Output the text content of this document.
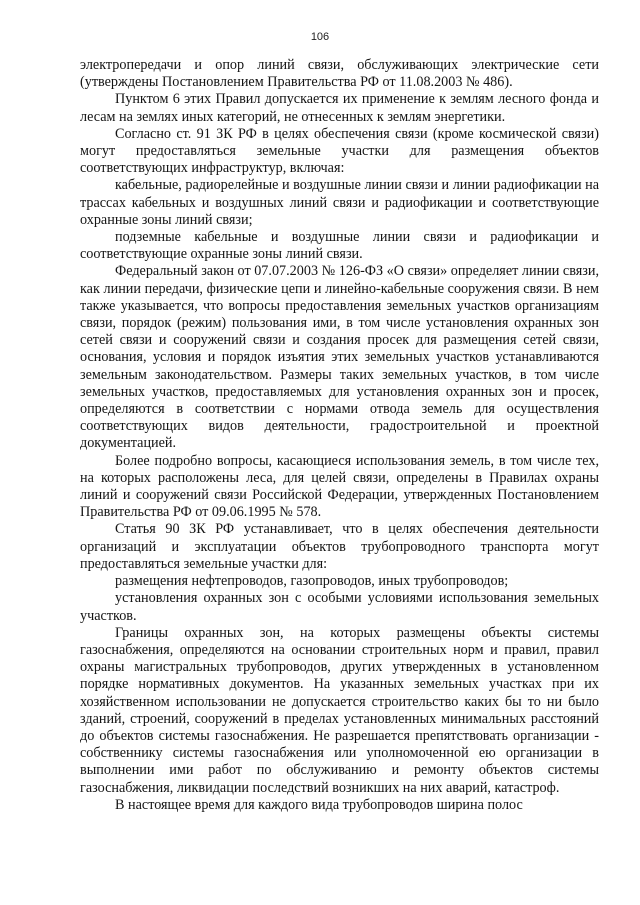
106

электропередачи и опор линий связи, обслуживающих электрические сети (утверждены Постановлением Правительства РФ от 11.08.2003 № 486).

Пунктом 6 этих Правил допускается их применение к землям лесного фонда и лесам на землях иных категорий, не отнесенных к землям энергетики.

Согласно ст. 91 ЗК РФ в целях обеспечения связи (кроме космической связи) могут предоставляться земельные участки для размещения объектов соответствующих инфраструктур, включая:

кабельные, радиорелейные и воздушные линии связи и линии радиофикации на трассах кабельных и воздушных линий связи и радиофикации и соответствующие охранные зоны линий связи;

подземные кабельные и воздушные линии связи и радиофикации и соответствующие охранные зоны линий связи.

Федеральный закон от 07.07.2003 № 126-ФЗ «О связи» определяет линии связи, как линии передачи, физические цепи и линейно-кабельные сооружения связи. В нем также указывается, что вопросы предоставления земельных участков организациям связи, порядок (режим) пользования ими, в том числе установления охранных зон сетей связи и сооружений связи и создания просек для размещения сетей связи, основания, условия и порядок изъятия этих земельных участков устанавливаются земельным законодательством. Размеры таких земельных участков, в том числе земельных участков, предоставляемых для установления охранных зон и просек, определяются в соответствии с нормами отвода земель для осуществления соответствующих видов деятельности, градостроительной и проектной документацией.

Более подробно вопросы, касающиеся использования земель, в том числе тех, на которых расположены леса, для целей связи, определены в Правилах охраны линий и сооружений связи Российской Федерации, утвержденных Постановлением Правительства РФ от 09.06.1995 № 578.

Статья 90 ЗК РФ устанавливает, что в целях обеспечения деятельности организаций и эксплуатации объектов трубопроводного транспорта могут предоставляться земельные участки для:

размещения нефтепроводов, газопроводов, иных трубопроводов;

установления охранных зон с особыми условиями использования земельных участков.

Границы охранных зон, на которых размещены объекты системы газоснабжения, определяются на основании строительных норм и правил, правил охраны магистральных трубопроводов, других утвержденных в установленном порядке нормативных документов. На указанных земельных участках при их хозяйственном использовании не допускается строительство каких бы то ни было зданий, строений, сооружений в пределах установленных минимальных расстояний до объектов системы газоснабжения. Не разрешается препятствовать организации - собственнику системы газоснабжения или уполномоченной ею организации в выполнении ими работ по обслуживанию и ремонту объектов системы газоснабжения, ликвидации последствий возникших на них аварий, катастроф.

В настоящее время для каждого вида трубопроводов ширина полос
